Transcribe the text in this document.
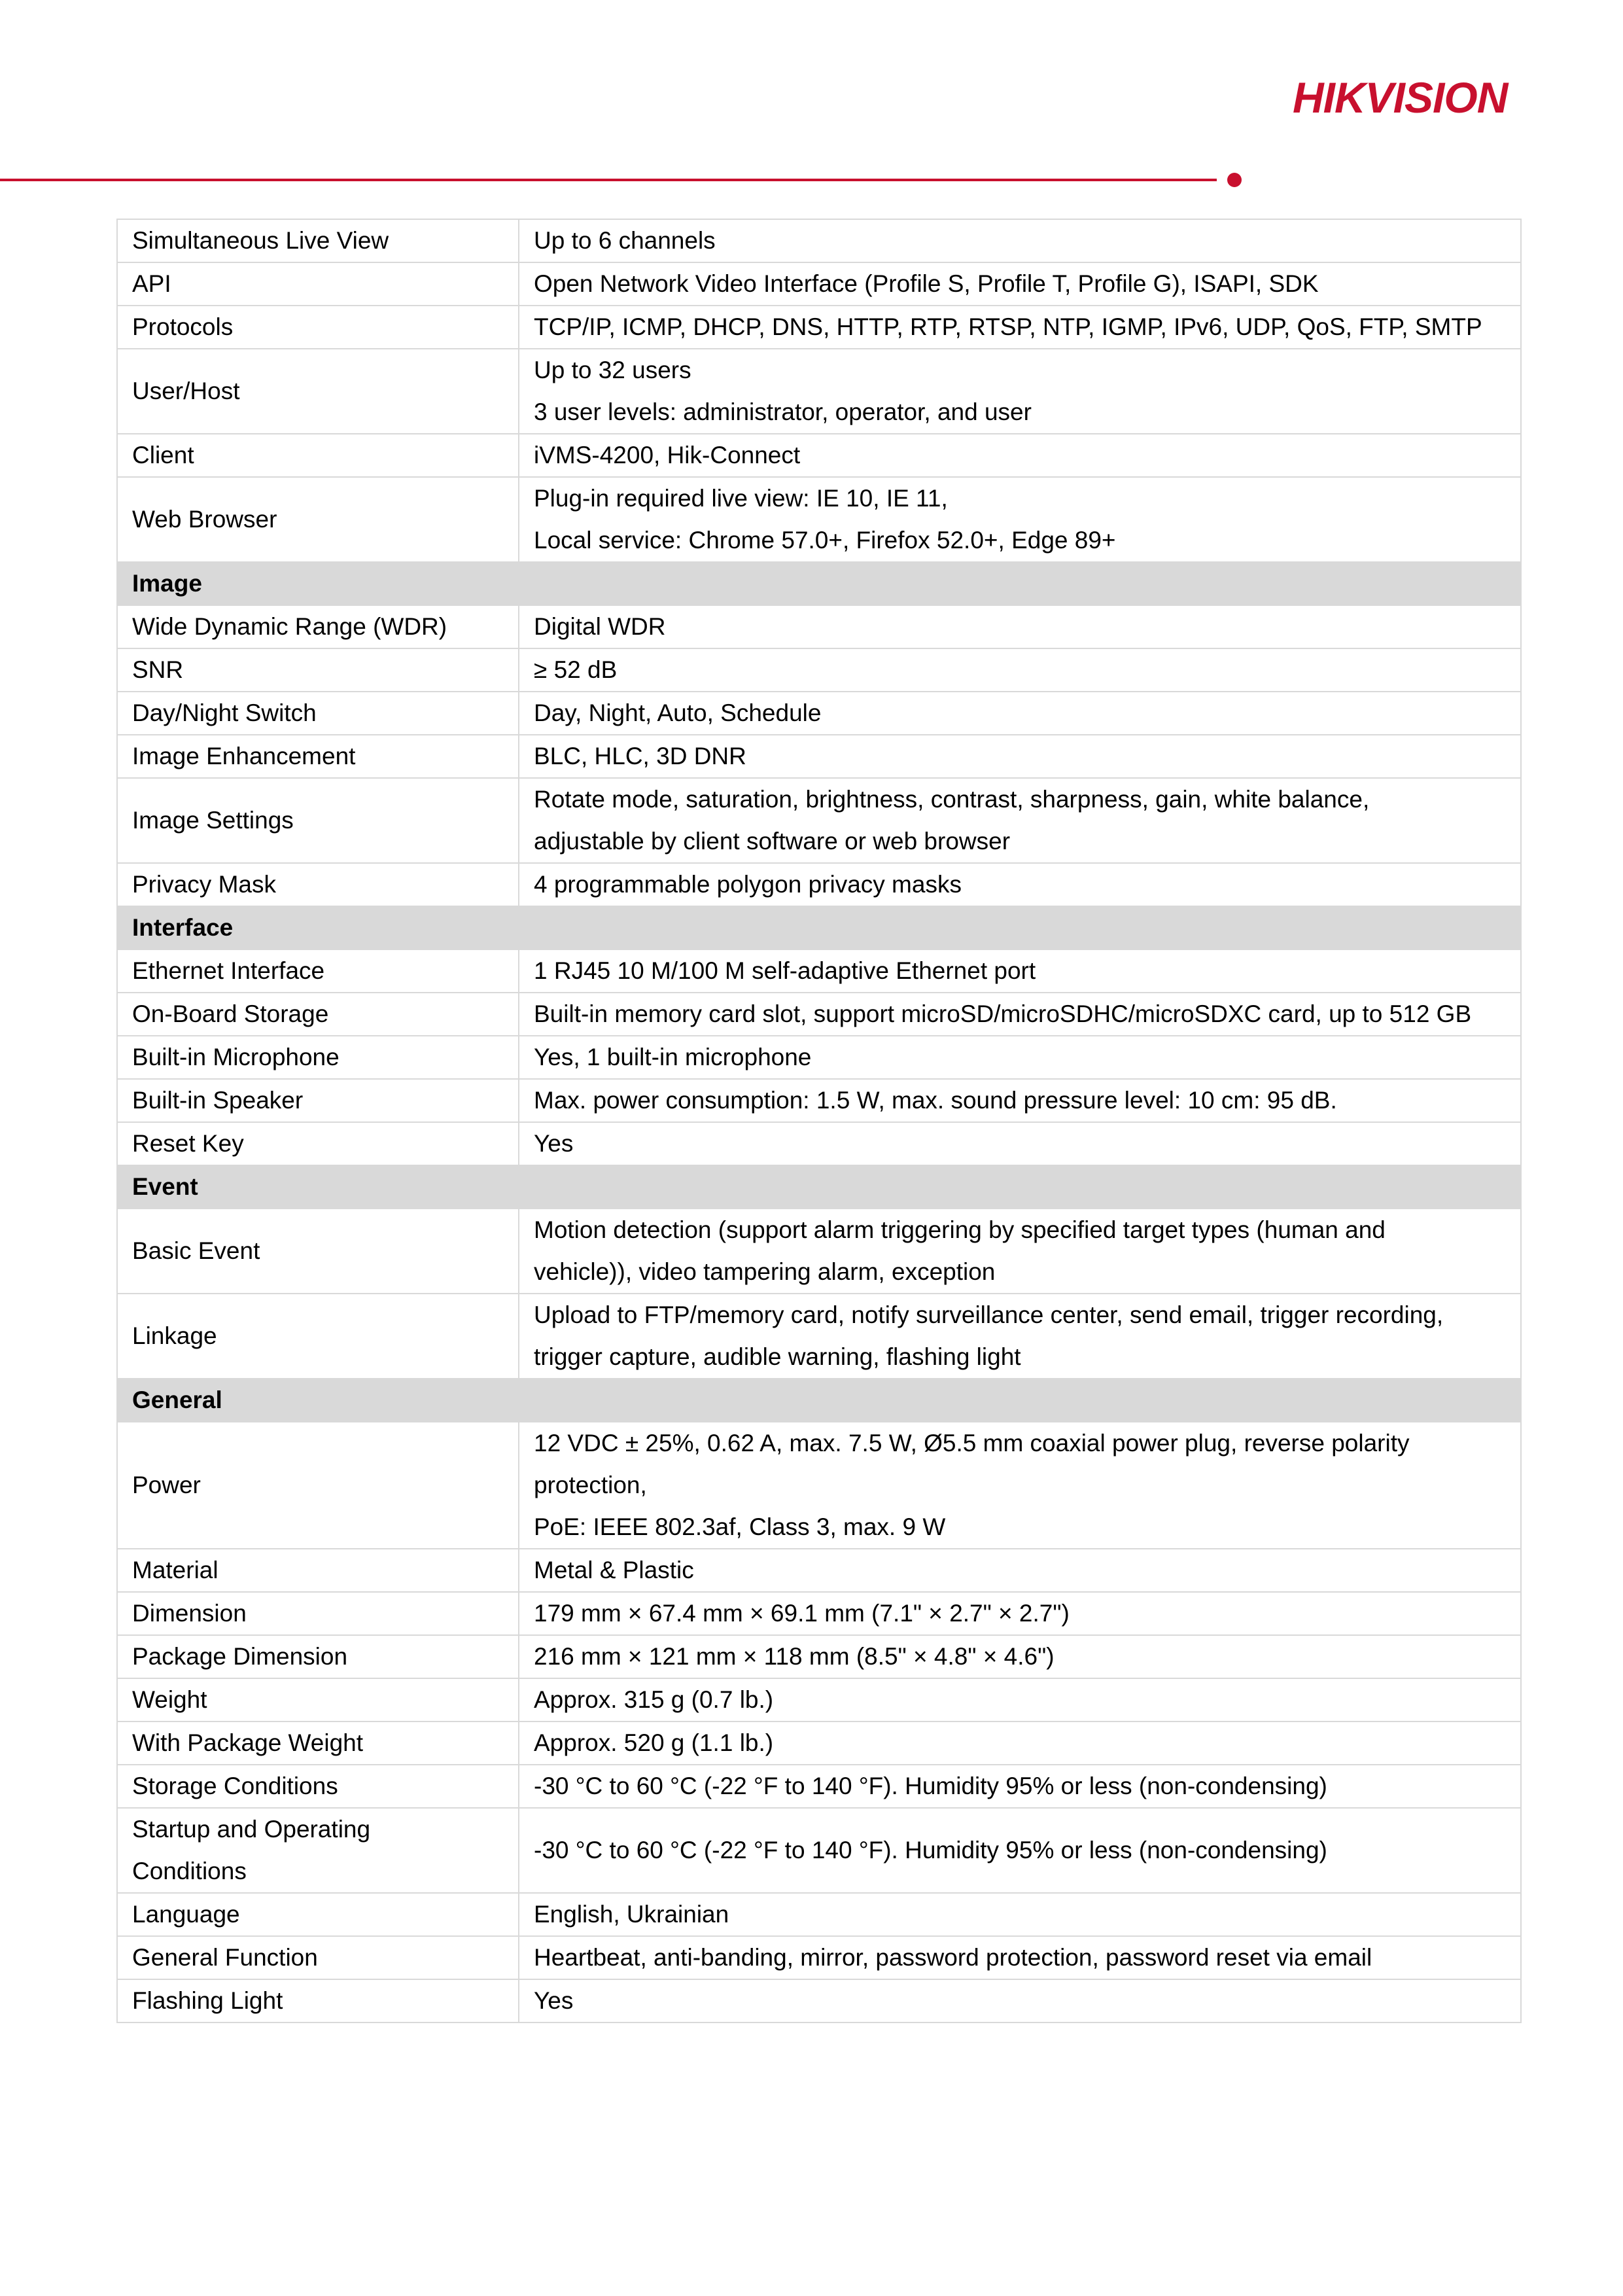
HIKVISION
Simultaneous Live View	Up to 6 channels

API	Open Network Video Interface (Profile S, Profile T, Profile G), ISAPI, SDK

Protocols	TCP/IP, ICMP, DHCP, DNS, HTTP, RTP, RTSP, NTP, IGMP, IPv6, UDP, QoS, FTP, SMTP

User/Host	Up to 32 users
3 user levels: administrator, operator, and user

Client	iVMS-4200, Hik-Connect

Web Browser	Plug-in required live view: IE 10, IE 11,
Local service: Chrome 57.0+, Firefox 52.0+, Edge 89+

Image	
Wide Dynamic Range (WDR)	Digital WDR

SNR	≥ 52 dB

Day/Night Switch	Day, Night, Auto, Schedule

Image Enhancement	BLC, HLC, 3D DNR

Image Settings	Rotate mode, saturation, brightness, contrast, sharpness, gain, white balance,
adjustable by client software or web browser

Privacy Mask	4 programmable polygon privacy masks

Interface	
Ethernet Interface	1 RJ45 10 M/100 M self-adaptive Ethernet port

On-Board Storage	Built-in memory card slot, support microSD/microSDHC/microSDXC card, up to 512 GB

Built-in Microphone	Yes, 1 built-in microphone

Built-in Speaker	Max. power consumption: 1.5 W, max. sound pressure level: 10 cm: 95 dB.

Reset Key	Yes

Event	
Basic Event	Motion detection (support alarm triggering by specified target types (human and
vehicle)), video tampering alarm, exception

Linkage	Upload to FTP/memory card, notify surveillance center, send email, trigger recording,
trigger capture, audible warning, flashing light

General	
Power	12 VDC ± 25%, 0.62 A, max. 7.5 W, Ø5.5 mm coaxial power plug, reverse polarity
protection,
PoE: IEEE 802.3af, Class 3, max. 9 W

Material	Metal & Plastic

Dimension	179 mm × 67.4 mm × 69.1 mm (7.1" × 2.7" × 2.7")

Package Dimension	216 mm × 121 mm × 118 mm (8.5" × 4.8" × 4.6")

Weight	Approx. 315 g (0.7 lb.)

With Package Weight	Approx. 520 g (1.1 lb.)

Storage Conditions	-30 °C to 60 °C (-22 °F to 140 °F). Humidity 95% or less (non-condensing)

Startup and Operating
Conditions	-30 °C to 60 °C (-22 °F to 140 °F). Humidity 95% or less (non-condensing)

Language	English, Ukrainian

General Function	Heartbeat, anti-banding, mirror, password protection, password reset via email

Flashing Light	Yes
